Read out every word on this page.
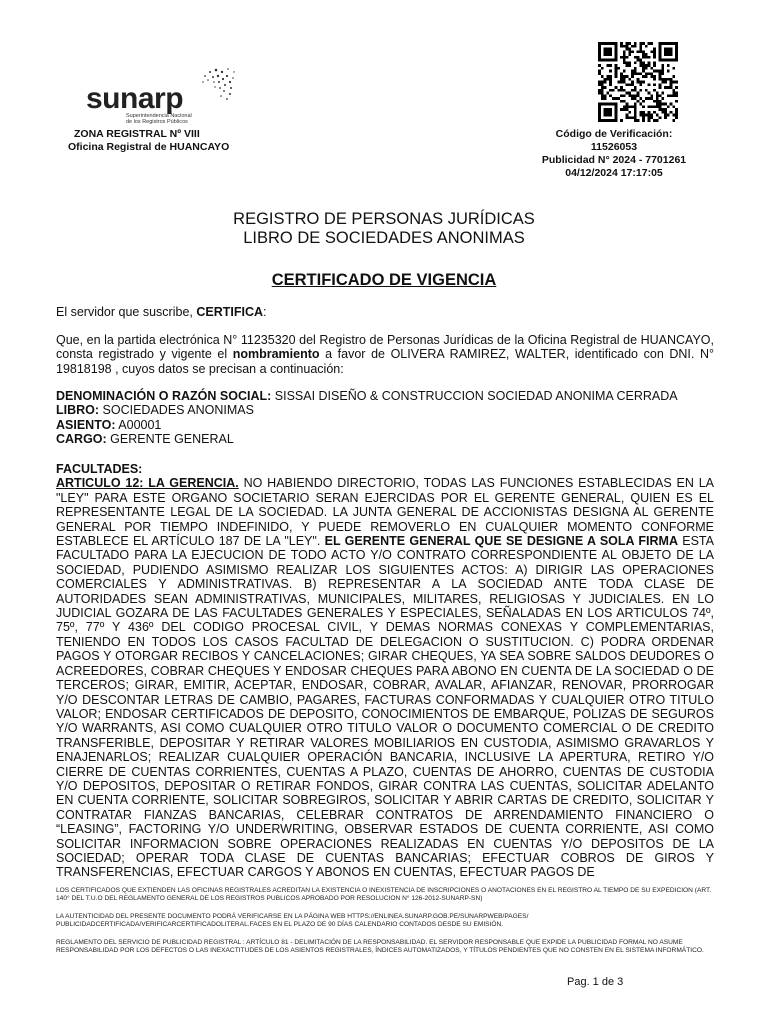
sunarp
Superintendencia Nacional
de los Registros Públicos
ZONA REGISTRAL Nº VIII
Oficina Registral de HUANCAYO
Código de Verificación:
11526053
Publicidad N° 2024 - 7701261
04/12/2024 17:17:05
REGISTRO DE PERSONAS JURÍDICAS
LIBRO DE SOCIEDADES ANONIMAS
CERTIFICADO DE VIGENCIA
El servidor que suscribe, CERTIFICA:
Que, en la partida electrónica N° 11235320 del Registro de Personas Jurídicas de la Oficina Registral de HUANCAYO, consta registrado y vigente el nombramiento a favor de OLIVERA RAMIREZ, WALTER, identificado con DNI. N° 19818198 , cuyos datos se precisan a continuación:
DENOMINACIÓN O RAZÓN SOCIAL: SISSAI DISEÑO & CONSTRUCCION SOCIEDAD ANONIMA CERRADA
LIBRO: SOCIEDADES ANONIMAS
ASIENTO: A00001
CARGO: GERENTE GENERAL
FACULTADES:
ARTICULO 12: LA GERENCIA. NO HABIENDO DIRECTORIO, TODAS LAS FUNCIONES ESTABLECIDAS EN LA "LEY" PARA ESTE ORGANO SOCIETARIO SERAN EJERCIDAS POR EL GERENTE GENERAL, QUIEN ES EL REPRESENTANTE LEGAL DE LA SOCIEDAD. LA JUNTA GENERAL DE ACCIONISTAS DESIGNA AL GERENTE GENERAL POR TIEMPO INDEFINIDO, Y PUEDE REMOVERLO EN CUALQUIER MOMENTO CONFORME ESTABLECE EL ARTÍCULO 187 DE LA "LEY". EL GERENTE GENERAL QUE SE DESIGNE A SOLA FIRMA ESTA FACULTADO PARA LA EJECUCION DE TODO ACTO Y/O CONTRATO CORRESPONDIENTE AL OBJETO DE LA SOCIEDAD, PUDIENDO ASIMISMO REALIZAR LOS SIGUIENTES ACTOS: A) DIRIGIR LAS OPERACIONES COMERCIALES Y ADMINISTRATIVAS. B) REPRESENTAR A LA SOCIEDAD ANTE TODA CLASE DE AUTORIDADES SEAN ADMINISTRATIVAS, MUNICIPALES, MILITARES, RELIGIOSAS Y JUDICIALES. EN LO JUDICIAL GOZARA DE LAS FACULTADES GENERALES Y ESPECIALES, SEÑALADAS EN LOS ARTICULOS 74º, 75º, 77º Y 436º DEL CODIGO PROCESAL CIVIL, Y DEMAS NORMAS CONEXAS Y COMPLEMENTARIAS, TENIENDO EN TODOS LOS CASOS FACULTAD DE DELEGACION O SUSTITUCION. C) PODRA ORDENAR PAGOS Y OTORGAR RECIBOS Y CANCELACIONES; GIRAR CHEQUES, YA SEA SOBRE SALDOS DEUDORES O ACREEDORES, COBRAR CHEQUES Y ENDOSAR CHEQUES PARA ABONO EN CUENTA DE LA SOCIEDAD O DE TERCEROS; GIRAR, EMITIR, ACEPTAR, ENDOSAR, COBRAR, AVALAR, AFIANZAR, RENOVAR, PRORROGAR Y/O DESCONTAR LETRAS DE CAMBIO, PAGARES, FACTURAS CONFORMADAS Y CUALQUIER OTRO TITULO VALOR; ENDOSAR CERTIFICADOS DE DEPOSITO, CONOCIMIENTOS DE EMBARQUE, POLIZAS DE SEGUROS Y/O WARRANTS, ASI COMO CUALQUIER OTRO TITULO VALOR O DOCUMENTO COMERCIAL O DE CREDITO TRANSFERIBLE, DEPOSITAR Y RETIRAR VALORES MOBILIARIOS EN CUSTODIA, ASIMISMO GRAVARLOS Y ENAJENARLOS; REALIZAR CUALQUIER OPERACIÓN BANCARIA, INCLUSIVE LA APERTURA, RETIRO Y/O CIERRE DE CUENTAS CORRIENTES, CUENTAS A PLAZO, CUENTAS DE AHORRO, CUENTAS DE CUSTODIA Y/O DEPOSITOS, DEPOSITAR O RETIRAR FONDOS, GIRAR CONTRA LAS CUENTAS, SOLICITAR ADELANTO EN CUENTA CORRIENTE, SOLICITAR SOBREGIROS, SOLICITAR Y ABRIR CARTAS DE CREDITO, SOLICITAR Y CONTRATAR FIANZAS BANCARIAS, CELEBRAR CONTRATOS DE ARRENDAMIENTO FINANCIERO O “LEASING”, FACTORING Y/O UNDERWRITING, OBSERVAR ESTADOS DE CUENTA CORRIENTE, ASI COMO SOLICITAR INFORMACION SOBRE OPERACIONES REALIZADAS EN CUENTAS Y/O DEPOSITOS DE LA SOCIEDAD; OPERAR TODA CLASE DE CUENTAS BANCARIAS; EFECTUAR COBROS DE GIROS Y TRANSFERENCIAS, EFECTUAR CARGOS Y ABONOS EN CUENTAS, EFECTUAR PAGOS DE
LOS CERTIFICADOS QUE EXTIENDEN LAS OFICINAS REGISTRALES ACREDITAN LA EXISTENCIA O INEXISTENCIA DE INSCRIPCIONES O ANOTACIONES EN EL REGISTRO AL TIEMPO DE SU EXPEDICION (ART. 140° DEL T.U.O DEL REGLAMENTO GENERAL DE LOS REGISTROS PUBLICOS APROBADO POR RESOLUCION N° 126-2012-SUNARP-SN)
LA AUTENTICIDAD DEL PRESENTE DOCUMENTO PODRÁ VERIFICARSE EN LA PÁGINA WEB HTTPS://ENLINEA.SUNARP.GOB.PE/SUNARPWEB/PAGES/ PUBLICIDADCERTIFICADA/VERIFICARCERTIFICADOLITERAL.FACES EN EL PLAZO DE 90 DÍAS CALENDARIO CONTADOS DESDE SU EMISIÓN.
REGLAMENTO DEL SERVICIO DE PUBLICIDAD REGISTRAL : ARTÍCULO 81 - DELIMITACIÓN DE LA RESPONSABILIDAD. EL SERVIDOR RESPONSABLE QUE EXPIDE LA PUBLICIDAD FORMAL NO ASUME RESPONSABILIDAD POR LOS DEFECTOS O LAS INEXACTITUDES DE LOS ASIENTOS REGISTRALES, ÍNDICES AUTOMATIZADOS, Y TÍTULOS PENDIENTES QUE NO CONSTEN EN EL SISTEMA INFORMÁTICO.
Pag. 1 de 3
